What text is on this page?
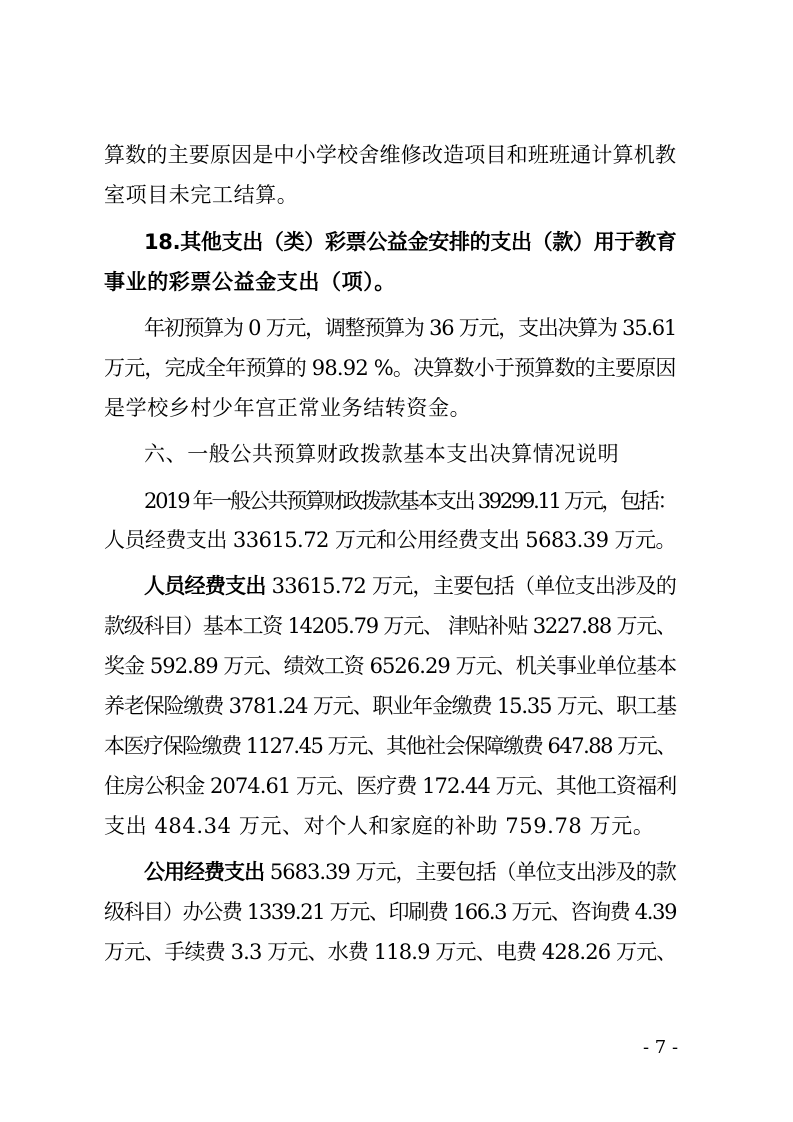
算数的主要原因是中小学校舍维修改造项目和班班通计算机教
室项目未完工结算。
18.其他支出（类）彩票公益金安排的支出（款）用于教育
事业的彩票公益金支出（项）。
年初预算为 0 万元，调整预算为 36 万元，支出决算为 35.61
万元，完成全年预算的 98.92 %。决算数小于预算数的主要原因
是学校乡村少年宫正常业务结转资金。
六、一般公共预算财政拨款基本支出决算情况说明
2019 年一般公共预算财政拨款基本支出 39299.11 万元，包括：
人员经费支出 33615.72 万元和公用经费支出 5683.39 万元。
人员经费支出 33615.72 万元，主要包括（单位支出涉及的
款级科目）基本工资 14205.79 万元、 津贴补贴 3227.88 万元、
奖金 592.89 万元、绩效工资 6526.29 万元、机关事业单位基本
养老保险缴费 3781.24 万元、职业年金缴费 15.35 万元、职工基
本医疗保险缴费 1127.45 万元、其他社会保障缴费 647.88 万元、
住房公积金 2074.61 万元、医疗费 172.44 万元、其他工资福利
支出 484.34 万元、对个人和家庭的补助 759.78 万元。
公用经费支出 5683.39 万元，主要包括（单位支出涉及的款
级科目）办公费 1339.21 万元、印刷费 166.3 万元、咨询费 4.39
万元、手续费 3.3 万元、水费 118.9 万元、电费 428.26 万元、
- 7 -
